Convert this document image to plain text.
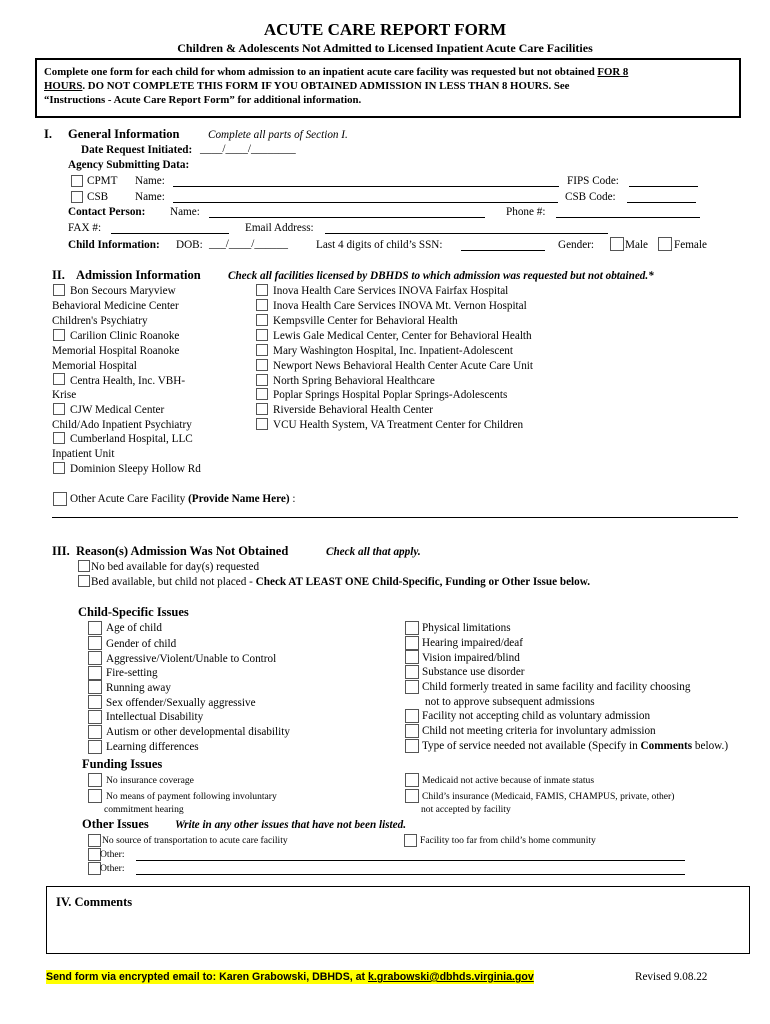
ACUTE CARE REPORT FORM
Children & Adolescents Not Admitted to Licensed Inpatient Acute Care Facilities
Complete one form for each child for whom admission to an inpatient acute care facility was requested but not obtained FOR 8
HOURS. DO NOT COMPLETE THIS FORM IF YOU OBTAINED ADMISSION IN LESS THAN 8 HOURS. See
“Instructions - Acute Care Report Form” for additional information.
I. General Information	Complete all parts of Section I.
Date Request Initiated: ____/____/________
Agency Submitting Data:
CPMT Name:	FIPS Code:
CSB Name:	CSB Code:
Contact Person: Name:	Phone #:
FAX #:	Email Address:
Child Information: DOB: ___/____/______	Last 4 digits of child’s SSN:	Gender:	Male Female
II. Admission Information Check all facilities licensed by DBHDS to which admission was requested but not obtained.*
Bon Secours Maryview
Behavioral Medicine Center
Children's Psychiatry
Carilion Clinic Roanoke
Memorial Hospital Roanoke
Memorial Hospital
Centra Health, Inc. VBH-
Krise
CJW Medical Center
Child/Ado Inpatient Psychiatry
Cumberland Hospital, LLC
Inpatient Unit
Dominion Sleepy Hollow Rd
Inova Health Care Services INOVA Fairfax Hospital
Inova Health Care Services INOVA Mt. Vernon Hospital
Kempsville Center for Behavioral Health
Lewis Gale Medical Center, Center for Behavioral Health
Mary Washington Hospital, Inc. Inpatient-Adolescent
Newport News Behavioral Health Center Acute Care Unit
North Spring Behavioral Healthcare
Poplar Springs Hospital Poplar Springs-Adolescents
Riverside Behavioral Health Center
VCU Health System, VA Treatment Center for Children
Other Acute Care Facility (Provide Name Here) :
III. Reason(s) Admission Was Not Obtained	Check all that apply.
No bed available for day(s) requested
Bed available, but child not placed - Check AT LEAST ONE Child-Specific, Funding or Other Issue below.
Child-Specific Issues
Age of child
Gender of child
Aggressive/Violent/Unable to Control
Fire-setting
Running away
Sex offender/Sexually aggressive
Intellectual Disability
Autism or other developmental disability
Learning differences
Physical limitations
Hearing impaired/deaf
Vision impaired/blind
Substance use disorder
Child formerly treated in same facility and facility choosing
not to approve subsequent admissions
Facility not accepting child as voluntary admission
Child not meeting criteria for involuntary admission
Type of service needed not available (Specify in Comments below.)
Funding Issues
No insurance coverage
No means of payment following involuntary
commitment hearing
Medicaid not active because of inmate status
Child’s insurance (Medicaid, FAMIS, CHAMPUS, private, other)
not accepted by facility
Other Issues Write in any other issues that have not been listed.
No source of transportation to acute care facility	Facility too far from child’s home community
Other:
Other:
IV. Comments
Send form via encrypted email to: Karen Grabowski, DBHDS, at k.grabowski@dbhds.virginia.gov	Revised 9.08.22
